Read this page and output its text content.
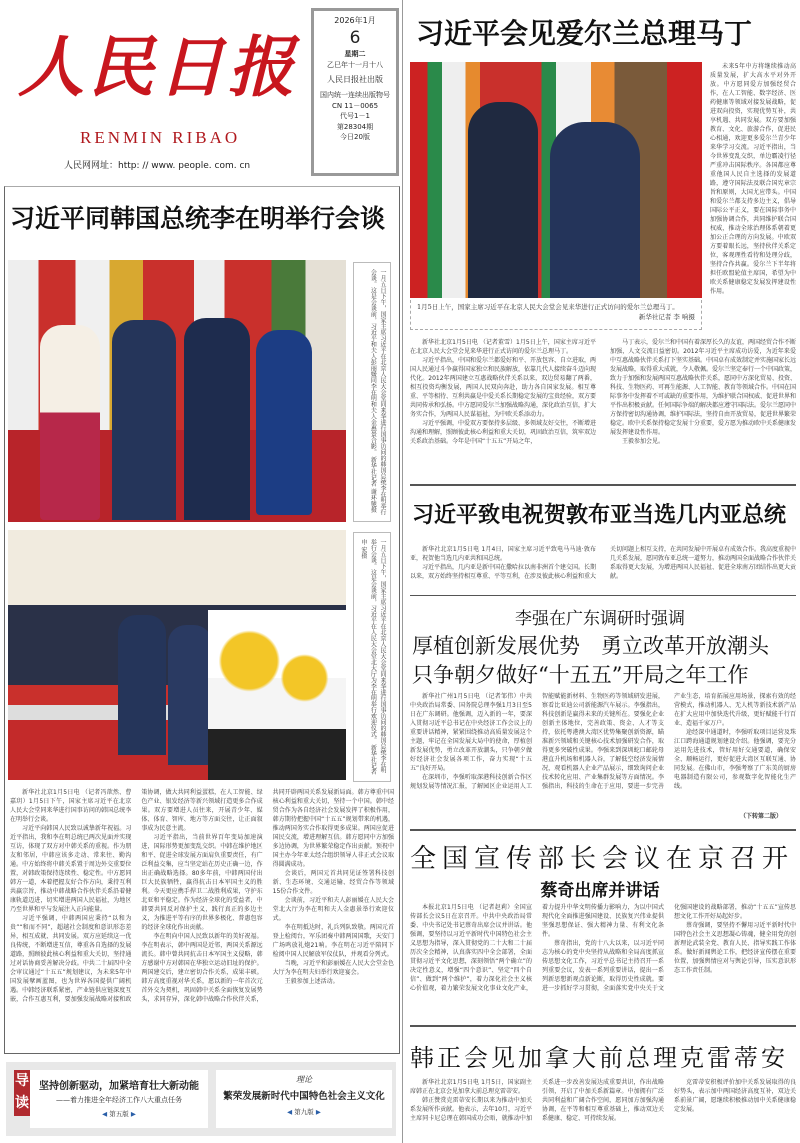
人民日报
RENMIN RIBAO
人民网网址：http: // www. people. com. cn
2026年1月
6
星期二
乙巳年十一月十八
人民日报社出版
国内统一连续出版物号
CN 11－0065
代号1－1
第28304期
今日20版
习近平会见爱尔兰总理马丁
1月5日上午，国家主席习近平在北京人民大会堂会见来华进行正式访问的爱尔兰总理马丁。
新华社记者 李 响摄

未来5年中方将继续推动高质量发展，扩大高水平对外开放。中方愿同爱方加强经贸合作，在人工智能、数字经济、医药健康等领域对接发展战略，促进双向投资，实现优势互补，共享机遇、共同发展。双方要加强教育、文化、旅游合作，促进民心相通，欢迎更多爱尔兰青少年来华学习交流。习近平指出，当今世界变乱交织，单边霸凌行径严重冲击国际秩序。各国都应尊重他国人民自主选择的发展道路，遵守国际法及联合国宪章宗旨和原则，大国尤应带头。中国和爱尔兰都支持多边主义，倡导国际公平正义，要在国际事务中加强协调合作，共同维护联合国权威，推动全球治理体系朝着更加公正合理的方向发展。中欧双方要着眼长远，坚持伙伴关系定位，客观理性看待和处理分歧，坚持合作共赢。爱尔兰下半年将担任欧盟轮值主席国，希望为中欧关系健康稳定发展发挥建设性作用。

新华社北京1月5日电 （记者董雪）1月5日上午，国家主席习近平在北京人民大会堂会见来华进行正式访问的爱尔兰总理马丁。

习近平指出，中国和爱尔兰都爱好和平、开放包容、自立进取，两国人民通过斗争赢得国家独立和民族解放，依靠几代人接续奋斗迈向现代化。2012年两国建立互惠战略伙伴关系以来，双边贸易翻了两番，相互投资均衡发展，两国人民双向奔赴，助力各自国家发展。相互尊重、平等相待、互利共赢是中爱关系长期稳定发展的宝贵经验，双方要共同传承和弘扬。中方愿同爱尔兰加强战略沟通，深化政治互信，扩大务实合作，为两国人民谋福祉，为中欧关系添动力。

习近平强调，中爱双方要保持多层级、多领域友好交往，不断增进沟通和理解，照顾彼此核心利益和重大关切，巩固政治互信，筑牢双边关系政治基础。今年是中国“十五五”开局之年，

马丁表示，爱尔兰和中国有着深厚长久的友谊，两国经贸合作不断加强，人文交流日益密切。2012年习近平主席成功访爱，为近年来爱中互惠战略伙伴关系打下坚实基础。中国卓有成效制定并实施国家长远发展战略，取得重大成就，令人敬佩。爱尔兰坚定奉行一个中国政策，致力于加强和发展两国互惠战略伙伴关系，愿同中方深化贸易、投资、科技、生物医药、可再生能源、人工智能、教育等领域合作。中国在国际事务中发挥着不可或缺的重要作用，为维护联合国权威、促进世界和平作出积极贡献。任何国际争端的解决都应遵守国际法。爱尔兰愿同中方保持密切沟通协调，维护国际法，坚持自由开放贸易，促进世界繁荣稳定。欧中关系保持稳定发展十分重要，爱方愿为推动欧中关系健康发展发挥建设性作用。

王毅参加会见。

习近平致电祝贺敦布亚当选几内亚总统

新华社北京1月5日电 1月4日，国家主席习近平致电马马迪·敦布亚，祝贺他当选几内亚共和国总统。

习近平指出，几内亚是新中国在撒哈拉以南非洲首个建交国。长期以来，双方始终坚持相互尊重、平等互利，在涉及彼此核心利益和重大关切问题上相互支持，在共同发展中开展卓有成效合作。我高度重视中几关系发展，愿同敦布亚总统一道努力，推动两国全面战略合作伙伴关系取得更大发展，为增进两国人民福祉、促进全球南方团结作出更大贡献。

李强在广东调研时强调
厚植创新发展优势　勇立改革开放潮头
只争朝夕做好“十五五”开局之年工作

新华社广州1月5日电 （记者邹伟）中共中央政治局常委、国务院总理李强1月3日至5日在广东调研。他强调，迈入新的一年，要深入贯彻习近平总书记在中央经济工作会议上的重要讲话精神，紧紧围绕推动高质量发展这个主题，牢记在全国发展大局中的使命，厚植创新发展优势，勇立改革开放潮头，只争朝夕做好经济社会发展各项工作，奋力实现“十五五”良好开局。

在深圳市，李强听取深港科技创新合作区规划发展等情况汇报，了解园区企业运用人工智能赋能新材料、生物医药等领域研发进展，察看比亚迪公司新能源汽车展示。李强指出，科技创新是赢得未来的关键所在。要强化企业创新主体地位，完善政策、资金、人才等支持，依托粤港澳大湾区优势集聚创新资源，瞄准新兴领域和关键核心技术加强研发合作，取得更多突破性成果。李强来到深圳蛇口邮轮母港直升机场和机器人谷，了解低空经济发展情况，观看机器人企业产品展示，细致询问企业技术转化应用、产业集群发展等方面情况。李强指出，科技的生命在于应用，要进一步完善产业生态，培育拓展应用场景，探索有效的经营模式，推动机器人、无人机等新技术新产品在扩大应用中加快迭代升级，更好赋能千行百业、造福千家万户。

途经深中通道时，李强听取项目运营及珠江口跨海通道规划建设介绍。他强调，要充分运用先进技术，管好用好交通要道，确保安全、顺畅运行，更好促进大湾区互联互通、协同发展。在佛山市，李强考察了广东美的厨房电器制造有限公司，参观数字化智能化生产线。

（下转第二版）
全国宣传部长会议在京召开
蔡奇出席并讲话

本报北京1月5日电 （记者赵莉）全国宣传部长会议5日在京召开。中共中央政治局常委、中央书记处书记蔡奇出席会议并讲话。他强调，要坚持以习近平新时代中国特色社会主义思想为指导，深入贯彻党的二十大和二十届历次全会精神，认真落实四中全会部署，全面贯彻习近平文化思想，深刻领悟“两个确立”的决定性意义，增强“四个意识”、坚定“四个自信”、做到“两个维护”，着力深化社会主义核心价值观，着力繁荣发展文化事业文化产业，着力提升中华文明传播力影响力，为以中国式现代化全面推进强国建设、民族复兴伟业提供坚强思想保证、强大精神力量、有利文化条件。

蔡奇指出，党的十八大以来，以习近平同志为核心的党中央坚持从战略和全局高度抓宣传思想文化工作，习近平总书记主持召开一系列重要会议，发表一系列重要讲话，提出一系列新思想新观点新论断，取得历史性成就。要进一步抓好学习贯彻，全面落实党中央关于文化强国建设的战略部署，推动“十五五”宣传思想文化工作开好局起好步。

蔡奇强调，要坚持不懈用习近平新时代中国特色社会主义思想凝心铸魂，健全用党的创新理论武装全党、教育人民、指导实践工作体系。做好新闻舆论工作，把经济宣传摆在重要位置，加强舆情应对与舆论引导，压实意识形态工作责任制。

韩正会见加拿大前总理克雷蒂安

新华社北京1月5日电 1月5日，国家副主席韩正在北京会见加拿大前总理克雷蒂安。

韩正赞赏克雷蒂安长期以来为推动中加关系发展所作贡献。他表示，去年10月，习近平主席同卡尼总理在韩国成功会晤，就推动中加关系进一步改善发展达成重要共识，作出战略引领，开启了中加关系新篇章。中加拥有广泛共同利益和广阔合作空间，愿同加方加强沟通协调，在平等和相互尊重基础上，推动双边关系健康、稳定、可持续发展。

克雷蒂安积极评价加中关系发展取得的良好势头，表示加中两国经济高度互补，双边关系前景广阔，愿继续积极推动加中关系健康稳定发展。

习近平同韩国总统李在明举行会谈
一月五日下午，国家主席习近平在北京人民大会堂同来华进行国事访问的韩国总统李在明举行会谈。这是会谈前，习近平和夫人彭丽媛同李在明和夫人金惠景合影。 新华社记者 谢环驰摄
一月五日下午，国家主席习近平在北京人民大会堂同来华进行国事访问的韩国总统李在明举行会谈。这是会谈前，习近平在人民大会堂北大厅为李在明举行欢迎仪式。 新华社记者 申 宏摄

新华社北京1月5日电 （记者冯歆然、曹嘉玥）1月5日下午，国家主席习近平在北京人民大会堂同来华进行国事访问的韩国总统李在明举行会谈。

习近平向韩国人民致以诚挚新年祝福。习近平指出，我和李在明总统已两次见面并实现互访，体现了双方对中韩关系的重视。作为朋友和邻居，中韩应该多走动、常来往、勤沟通。中方始终将中韩关系置于周边外交重要位置，对韩政策保持连续性、稳定性。中方愿同韩方一道，本着把握友好合作方向，秉持互利共赢宗旨，推动中韩战略合作伙伴关系沿着健康轨道迈进，切实增进两国人民福祉，为地区乃至世界和平与发展注入正向能量。

习近平强调，中韩两国应秉持“以和为贵”“和而不同”，超越社会制度和意识形态差异，相互成就、共同发展。双方应延续这一优良传统，不断增进互信，尊重各自选择的发展道路，照顾彼此核心利益和重大关切，坚持通过对话协商妥善解决分歧。中共二十届四中全会审议通过“十五五”规划建议，为未来5年中国发展擘画蓝图，也为世界各国提供广阔机遇。中韩经济联系紧密，产业链供应链深度互嵌，合作互惠互利，要加强发展战略对接和政策协调，做大共同利益蛋糕，在人工智能、绿色产业、银发经济等新兴领域打造更多合作成果。双方要增进人员往来，开展青少年、媒体、体育、智库、地方等方面交往，让正面叙事成为民意主流。

习近平指出，当前世界百年变局加速演进，国际形势更加变乱交织。中韩在维护地区和平、促进全球发展方面肩负重要责任，有广泛利益交集，应当坚定站在历史正确一边，作出正确战略选择。80多年前，中韩两国付出巨大民族牺牲，赢得抗击日本军国主义的胜利。今天更应携手捍卫二战胜利成果，守护东北亚和平稳定。作为经济全球化的受益者，中韩要共同反对保护主义，践行真正的多边主义，为推进平等有序的世界多极化、普惠包容的经济全球化作出贡献。

李在明向中国人民致以新年的美好祝福。李在明表示，韩中两国是近邻，两国关系源远流长。韩中曾共同抗击日本军国主义侵略，韩方感谢中方对韩国在华独立运动旧址的保护。两国建交后，建立密切合作关系，成果丰硕。韩方高度重视对华关系，愿以新的一年首次元首外交为契机，巩固韩中关系全面恢复发展势头，求同存异，深化韩中战略合作伙伴关系，共同开辟两国关系发展新局面。韩方尊重中国核心利益和重大关切，坚持一个中国。韩中经贸合作为各自经济社会发展发挥了积极作用，韩方期待把握中国“十五五”规划带来的机遇，推动两国务实合作取得更多成果。两国应促进国民交流，增进理解互信。韩方愿同中方加强多边协调，为世界繁荣稳定作出贡献。预祝中国主办今年亚太经合组织领导人非正式会议取得圆满成功。

会谈后，两国元首共同见证签署科技创新、生态环境、交通运输、经贸合作等领域15份合作文件。

会谈前，习近平和夫人彭丽媛在人民大会堂北大厅为李在明和夫人金惠景举行欢迎仪式。

李在明抵达时，礼兵列队致敬。两国元首登上检阅台，军乐团奏中韩两国国歌，天安门广场鸣放礼炮21响。李在明在习近平陪同下检阅中国人民解放军仪仗队，并观看分列式。

当晚，习近平和彭丽媛在人民大会堂金色大厅为李在明夫妇举行欢迎宴会。

王毅参加上述活动。

导读
坚持创新驱动，加紧培育壮大新动能
——着力推进全年经济工作八大重点任务
◀ 第五版 ▶
理论
繁荣发展新时代中国特色社会主义文化
◀ 第九版 ▶
